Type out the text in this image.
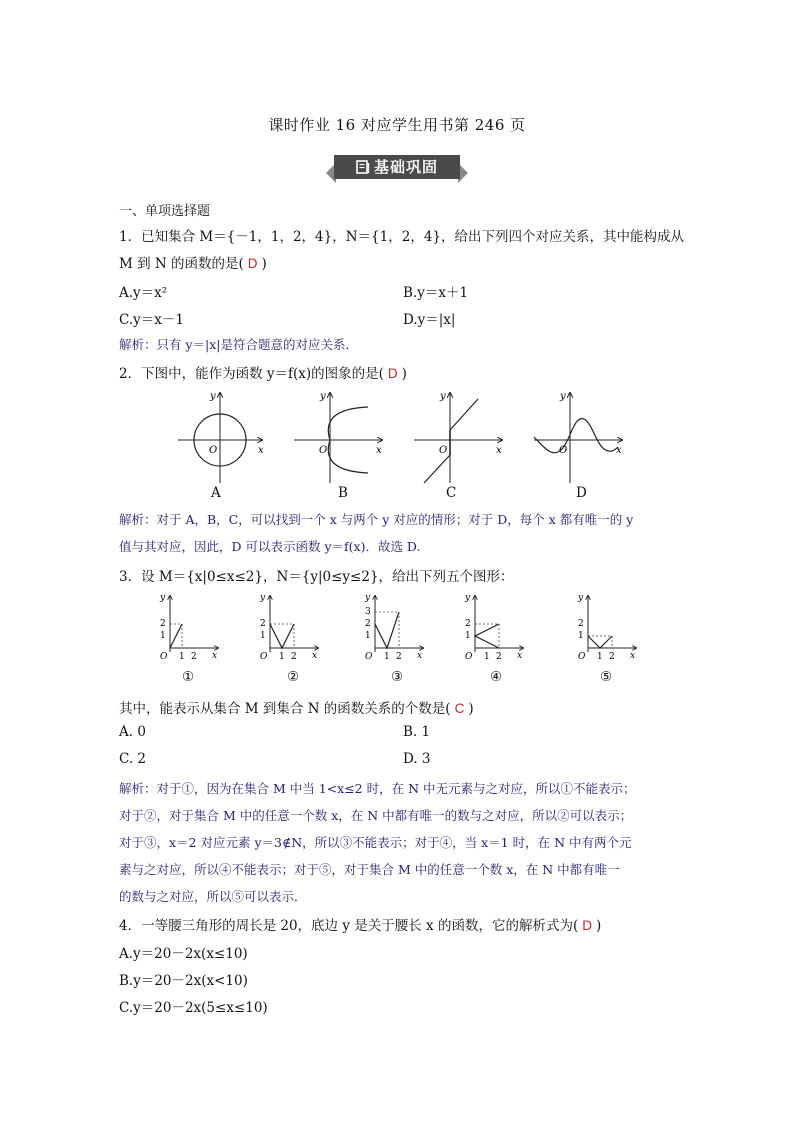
课时作业 16 对应学生用书第 246 页
基础巩固
一、单项选择题
1．已知集合 M＝{－1，1，2，4}，N＝{1，2，4}，给出下列四个对应关系，其中能构成从
M 到 N 的函数的是( D )
A.y＝x²	B.y＝x＋1
C.y＝x－1	D.y＝|x|
解析：只有 y＝|x|是符合题意的对应关系．
2．下图中，能作为函数 y＝f(x)的图象的是( D )
x
y
O	x
y
O	x
y
O	x
y
O
A	B	C	D
解析：对于 A，B，C，可以找到一个 x 与两个 y 对应的情形；对于 D，每个 x 都有唯一的 y
值与其对应，因此，D 可以表示函数 y＝f(x)．故选 D.
3．设 M＝{x|0≤x≤2}，N＝{y|0≤y≤2}，给出下列五个图形：
y
2
1
O 1 2 x
y
2
1
O 1 2 x
y
3
2
1
O 1 2 x
y
2
1
O 1 2 x
y
2
1
O 1 2 x
①	②	③	④	⑤
其中，能表示从集合 M 到集合 N 的函数关系的个数是( C )
A. 0	B. 1
C. 2	D. 3
解析：对于①，因为在集合 M 中当 1<x≤2 时，在 N 中无元素与之对应，所以①不能表示；
对于②，对于集合 M 中的任意一个数 x，在 N 中都有唯一的数与之对应，所以②可以表示；
对于③，x＝2 对应元素 y＝3∉N，所以③不能表示；对于④，当 x＝1 时，在 N 中有两个元
素与之对应，所以④不能表示；对于⑤，对于集合 M 中的任意一个数 x，在 N 中都有唯一
的数与之对应，所以⑤可以表示．
4．一等腰三角形的周长是 20，底边 y 是关于腰长 x 的函数，它的解析式为( D )
A.y＝20－2x(x≤10)
B.y＝20－2x(x<10)
C.y＝20－2x(5≤x≤10)
